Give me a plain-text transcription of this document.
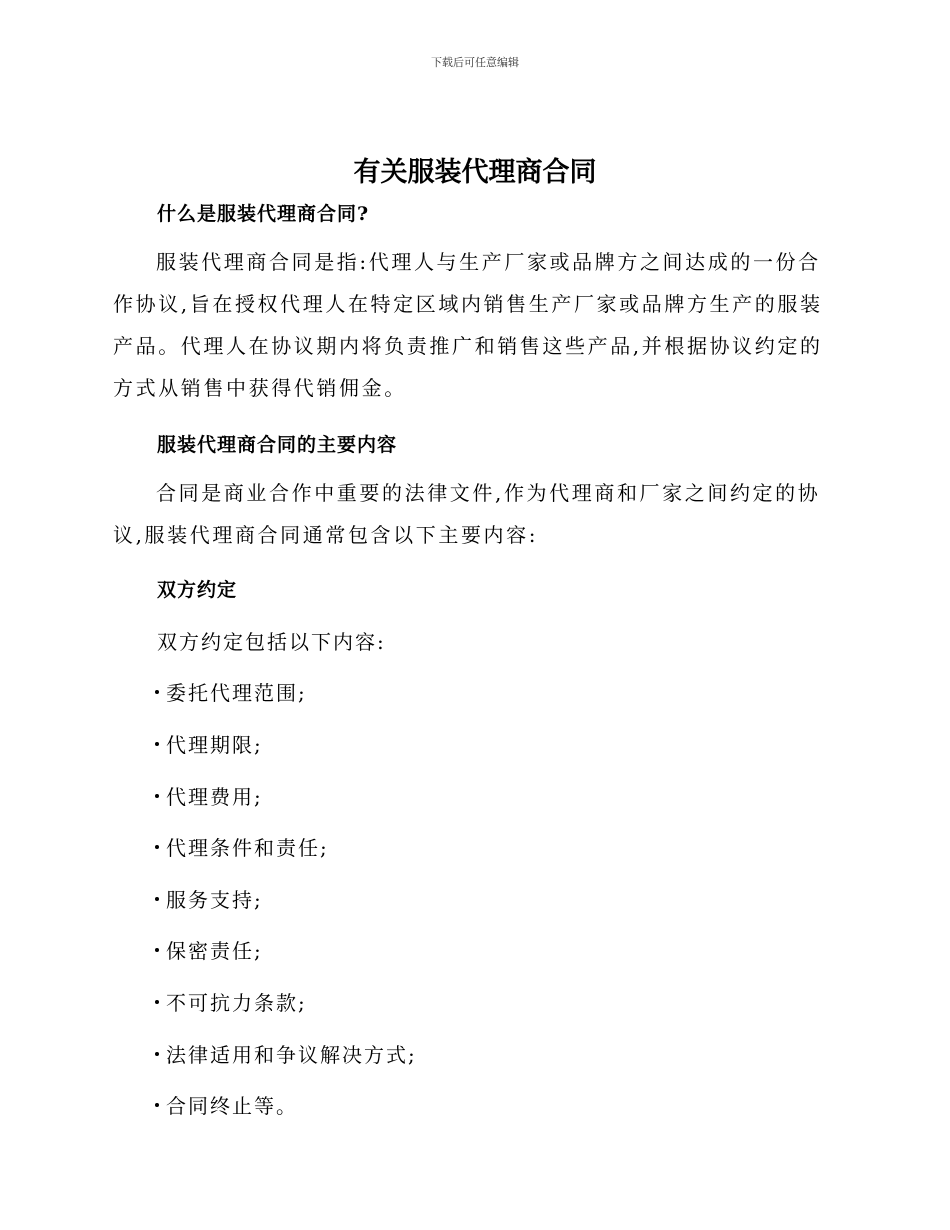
下载后可任意编辑
有关服装代理商合同
什么是服装代理商合同?
服装代理商合同是指:代理人与生产厂家或品牌方之间达成的一份合作协议,旨在授权代理人在特定区域内销售生产厂家或品牌方生产的服装产品。代理人在协议期内将负责推广和销售这些产品,并根据协议约定的方式从销售中获得代销佣金。
服装代理商合同的主要内容
合同是商业合作中重要的法律文件,作为代理商和厂家之间约定的协议,服装代理商合同通常包含以下主要内容:
双方约定
双方约定包括以下内容:
委托代理范围;
代理期限;
代理费用;
代理条件和责任;
服务支持;
保密责任;
不可抗力条款;
法律适用和争议解决方式;
合同终止等。
